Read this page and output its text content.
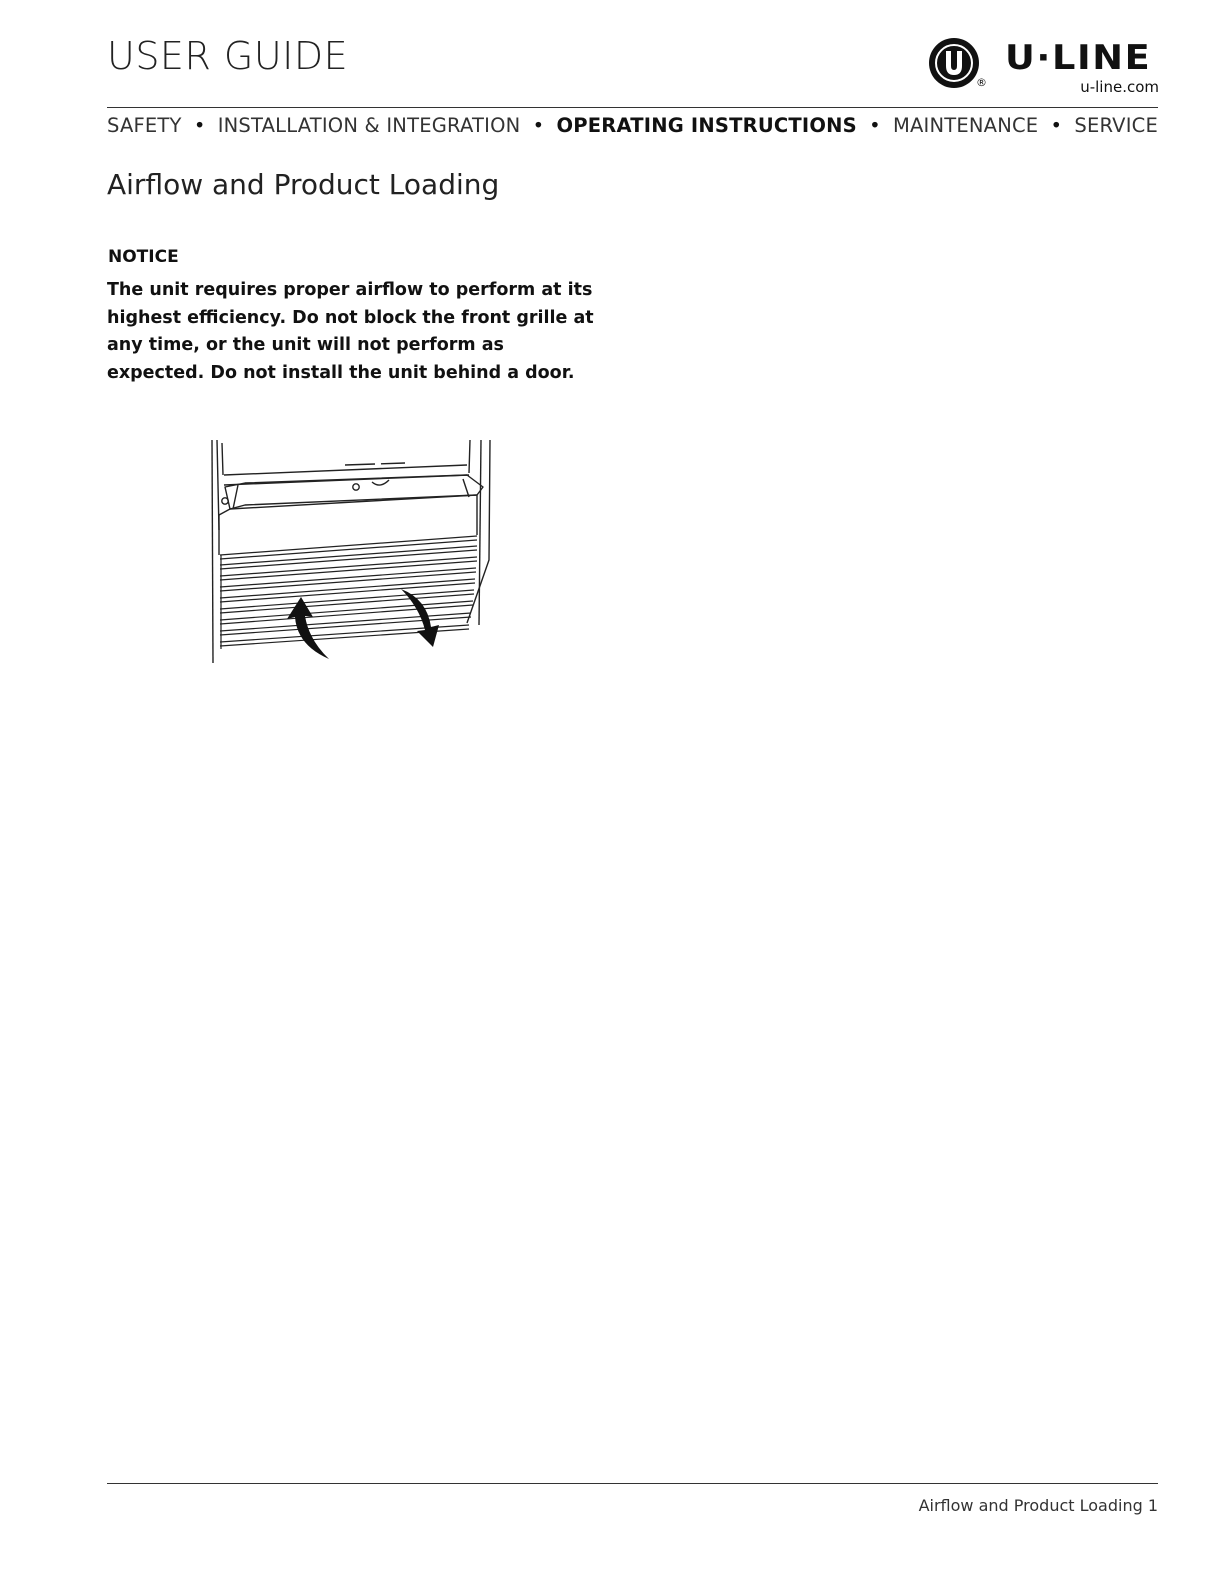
USER GUIDE
®
U·LINE
u-line.com
SAFETY • INSTALLATION & INTEGRATION • OPERATING INSTRUCTIONS • MAINTENANCE • SERVICE
Airflow and Product Loading
NOTICE
The unit requires proper airflow to perform at its
highest efficiency. Do not block the front grille at
any time, or the unit will not perform as
expected. Do not install the unit behind a door.
Airflow and Product Loading 1
